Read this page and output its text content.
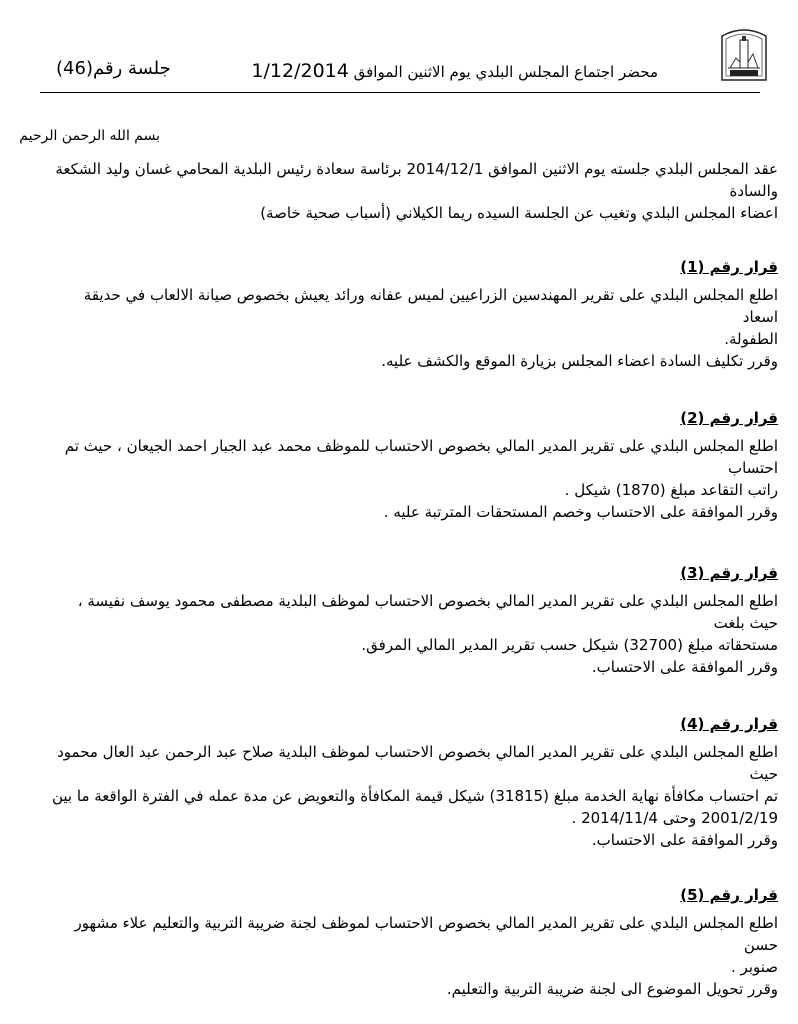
محضر اجتماع المجلس البلدي يوم الاثنين الموافق 1/12/2014
جلسة رقم(46)
بسم الله الرحمن الرحيم
عقد المجلس البلدي جلسته يوم الاثنين الموافق 2014/12/1 برئاسة سعادة رئيس البلدية المحامي غسان وليد الشكعة والسادة
اعضاء المجلس البلدي وتغيب عن الجلسة السيده ريما الكيلاني (أسباب صحية خاصة)
قرار رقم (1)

اطلع المجلس البلدي على تقرير المهندسين الزراعيين لميس عفانه ورائد يعيش بخصوص صيانة الالعاب في حديقة اسعاد

الطفولة.

وقرر تكليف السادة اعضاء المجلس بزيارة الموقع والكشف عليه.

قرار رقم (2)

اطلع المجلس البلدي على تقرير المدير المالي بخصوص الاحتساب للموظف محمد عبد الجبار احمد الجيعان ، حيث تم احتساب

راتب التقاعد مبلغ (1870) شيكل .

وقرر الموافقة على الاحتساب وخصم المستحقات المترتبة عليه .

قرار رقم (3)

اطلع المجلس البلدي على تقرير المدير المالي بخصوص الاحتساب لموظف البلدية مصطفى محمود يوسف نفيسة ، حيث بلغت

مستحقاته مبلغ (32700) شيكل حسب تقرير المدير المالي المرفق.

وقرر الموافقة على الاحتساب.

قرار رقم (4)

اطلع المجلس البلدي على تقرير المدير المالي بخصوص الاحتساب لموظف البلدية صلاح عبد الرحمن عبد العال محمود حيث

تم احتساب مكافأة نهاية الخدمة مبلغ (31815) شيكل قيمة المكافأة والتعويض عن مدة عمله في الفترة الواقعة ما بين

2001/2/19 وحتى 2014/11/4 .

وقرر الموافقة على الاحتساب.

قرار رقم (5)

اطلع المجلس البلدي على تقرير المدير المالي بخصوص الاحتساب لموظف لجنة ضريبة التربية والتعليم علاء مشهور حسن

صنوبر .

وقرر تحويل الموضوع الى لجنة ضريبة التربية والتعليم.
